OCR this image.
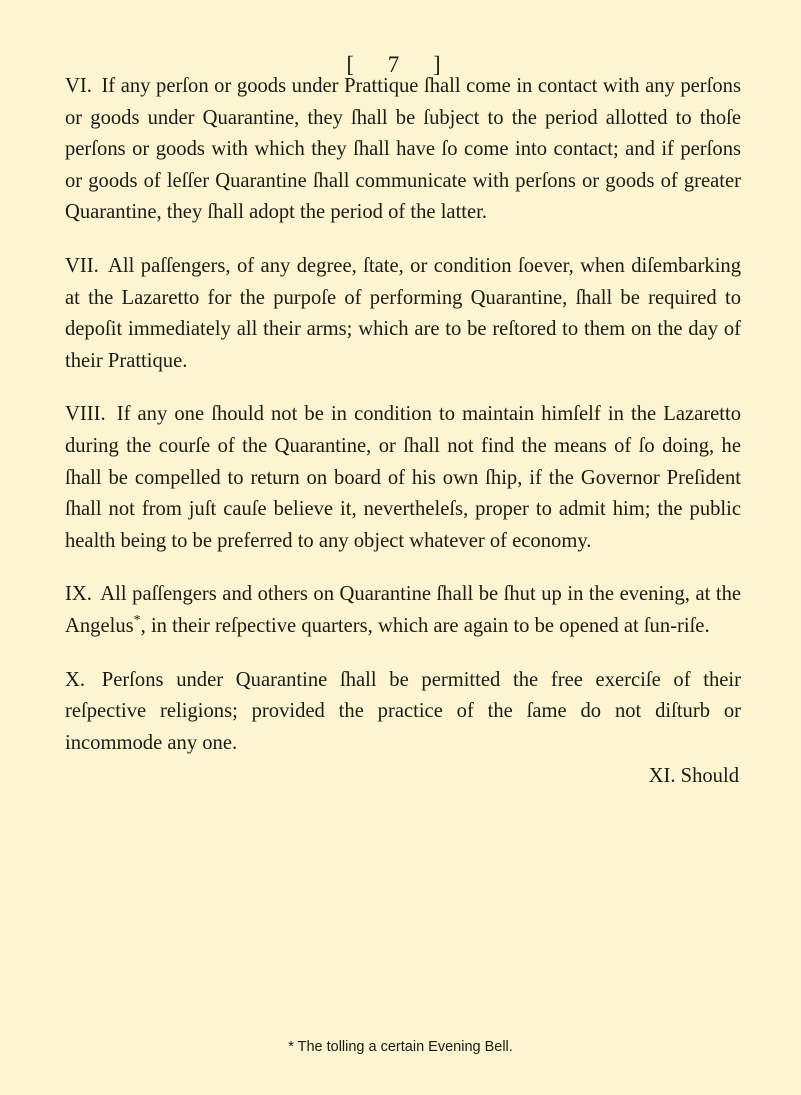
[ 7 ]

VI. If any perſon or goods under Prattique ſhall come in contact with any perſons or goods under Quarantine, they ſhall be ſubject to the period allotted to thoſe perſons or goods with which they ſhall have ſo come into contact; and if perſons or goods of leſſer Quarantine ſhall communicate with perſons or goods of greater Quarantine, they ſhall adopt the period of the latter.

VII. All paſſengers, of any degree, ſtate, or condition ſoever, when diſembarking at the Lazaretto for the purpoſe of performing Quarantine, ſhall be required to depoſit immediately all their arms; which are to be reſtored to them on the day of their Prattique.

VIII. If any one ſhould not be in condition to maintain himſelf in the Lazaretto during the courſe of the Quarantine, or ſhall not find the means of ſo doing, he ſhall be compelled to return on board of his own ſhip, if the Governor Preſident ſhall not from juſt cauſe believe it, nevertheleſs, proper to admit him; the public health being to be preferred to any object whatever of economy.

IX. All paſſengers and others on Quarantine ſhall be ſhut up in the evening, at the Angelus*, in their reſpective quarters, which are again to be opened at ſun-riſe.

X. Perſons under Quarantine ſhall be permitted the free exerciſe of their reſpective religions; provided the practice of the ſame do not diſturb or incommode any one.

XI. Should
* The tolling a certain Evening Bell.
